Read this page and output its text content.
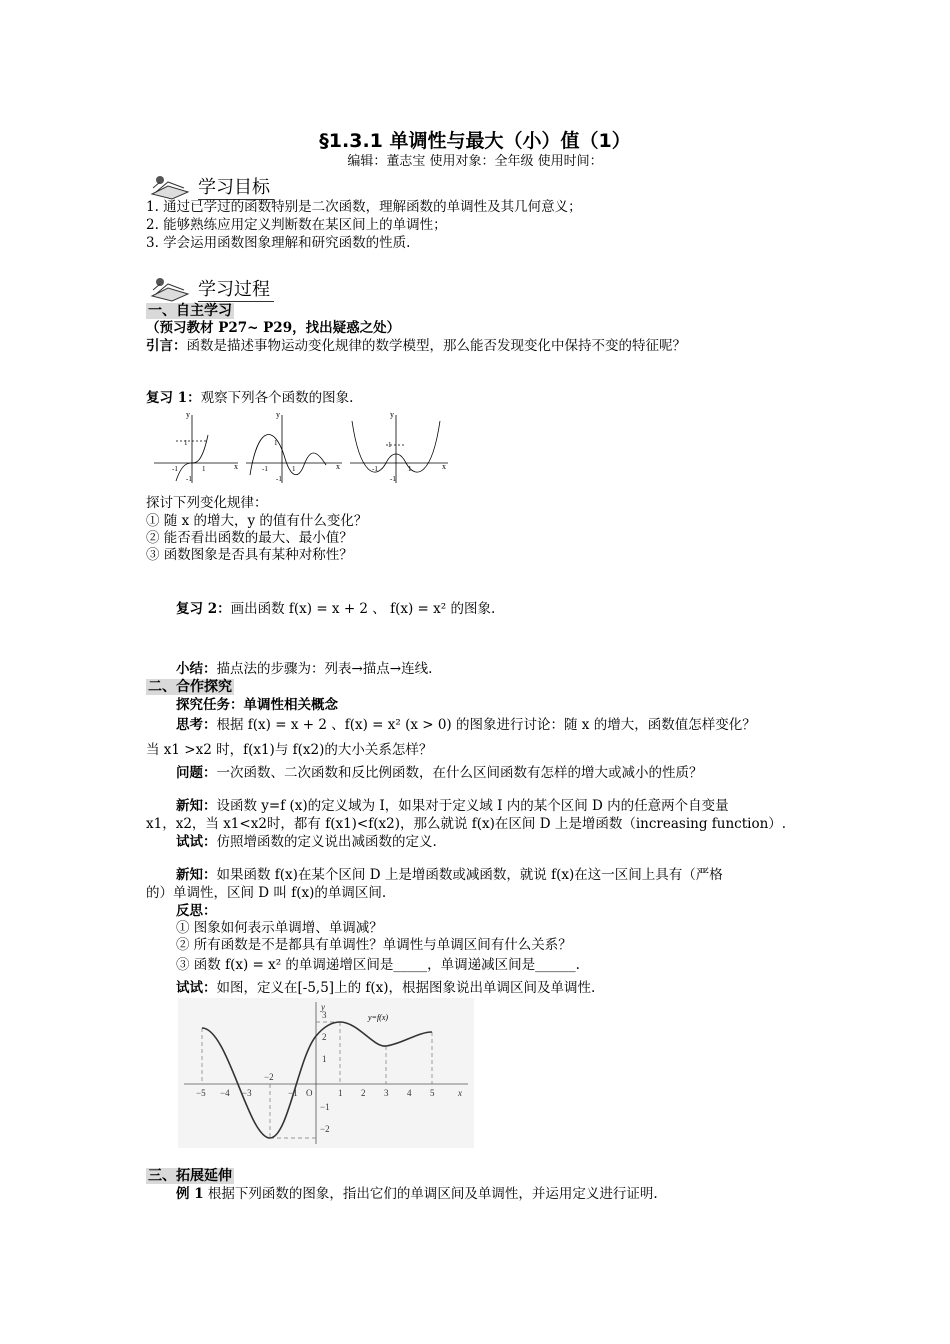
§1.3.1 单调性与最大（小）值（1）
编辑：董志宝 使用对象：全年级 使用时间：
学习目标
1. 通过已学过的函数特别是二次函数，理解函数的单调性及其几何意义；
2. 能够熟练应用定义判断数在某区间上的单调性；
3. 学会运用函数图象理解和研究函数的性质.
学习过程
一、自主学习
（预习教材 P27~ P29，找出疑惑之处）
引言：函数是描述事物运动变化规律的数学模型，那么能否发现变化中保持不变的特征呢？
复习 1：观察下列各个函数的图象.
y
x
1
-1	1
-1
y
x
1
-1	1
-1
y
x
1
-1	1
-1
探讨下列变化规律：
① 随 x 的增大，y 的值有什么变化？
② 能否看出函数的最大、最小值？
③ 函数图象是否具有某种对称性？
复习 2：画出函数 f(x) = x + 2 、 f(x) = x² 的图象.
小结：描点法的步骤为：列表→描点→连线.
二、合作探究
探究任务：单调性相关概念
思考：根据 f(x) = x + 2 、f(x) = x² (x > 0) 的图象进行讨论：随 x 的增大，函数值怎样变化？
当 x1 >x2 时，f(x1)与 f(x2)的大小关系怎样？
问题：一次函数、二次函数和反比例函数，在什么区间函数有怎样的增大或减小的性质？
新知：设函数 y=f (x)的定义域为 I，如果对于定义域 I 内的某个区间 D 内的任意两个自变量
x1，x2，当 x1<x2时，都有 f(x1)<f(x2)，那么就说 f(x)在区间 D 上是增函数（increasing function）.
试试：仿照增函数的定义说出减函数的定义.
新知：如果函数 f(x)在某个区间 D 上是增函数或减函数，就说 f(x)在这一区间上具有（严格
的）单调性，区间 D 叫 f(x)的单调区间.
反思：
① 图象如何表示单调增、单调减？
② 所有函数是不是都具有单调性？单调性与单调区间有什么关系？
③ 函数 f(x) = x² 的单调递增区间是_____，单调递减区间是______.
试试：如图，定义在[-5,5]上的 f(x)，根据图象说出单调区间及单调性.
y=f(x)
−5 −4 −3
−2
−1 O	1 2 3 4 5	x
y
3
2
1
−1
−2
三、拓展延伸
例 1 根据下列函数的图象，指出它们的单调区间及单调性，并运用定义进行证明.
